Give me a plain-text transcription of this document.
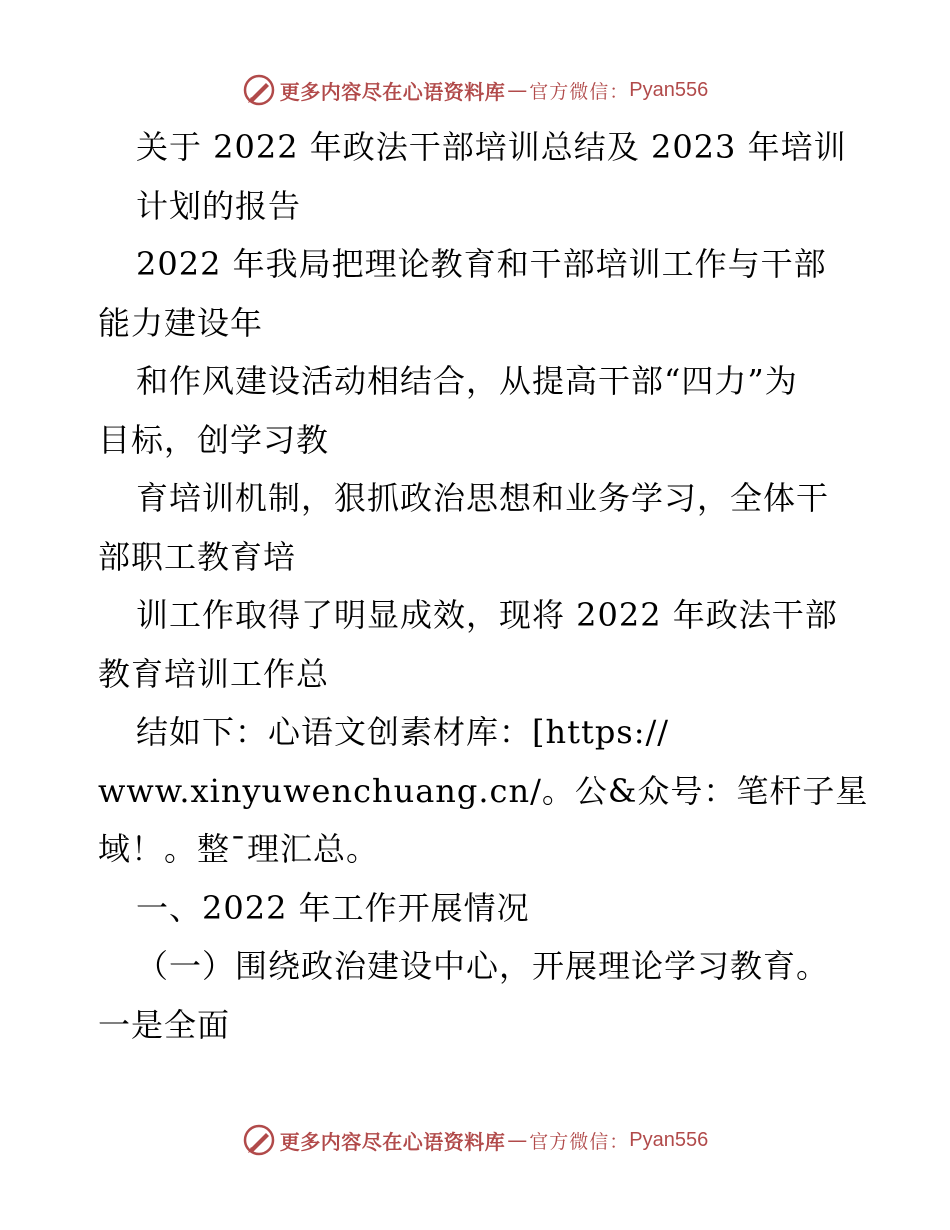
更多内容尽在心语资料库 — 官方微信： Pyan556
关于 2022 年政法干部培训总结及 2023 年培训
计划的报告
2022 年我局把理论教育和干部培训工作与干部
能力建设年
和作风建设活动相结合，从提高干部“四力”为
目标，创学习教
育培训机制，狠抓政治思想和业务学习，全体干
部职工教育培
训工作取得了明显成效，现将 2022 年政法干部
教育培训工作总
结如下：心语文创素材库：[https://
www.xinyuwenchuang.cn/。公&众号：笔杆子星
域！。整¯理汇总。
一、2022 年工作开展情况
（一）围绕政治建设中心，开展理论学习教育。
一是全面
更多内容尽在心语资料库 — 官方微信： Pyan556
